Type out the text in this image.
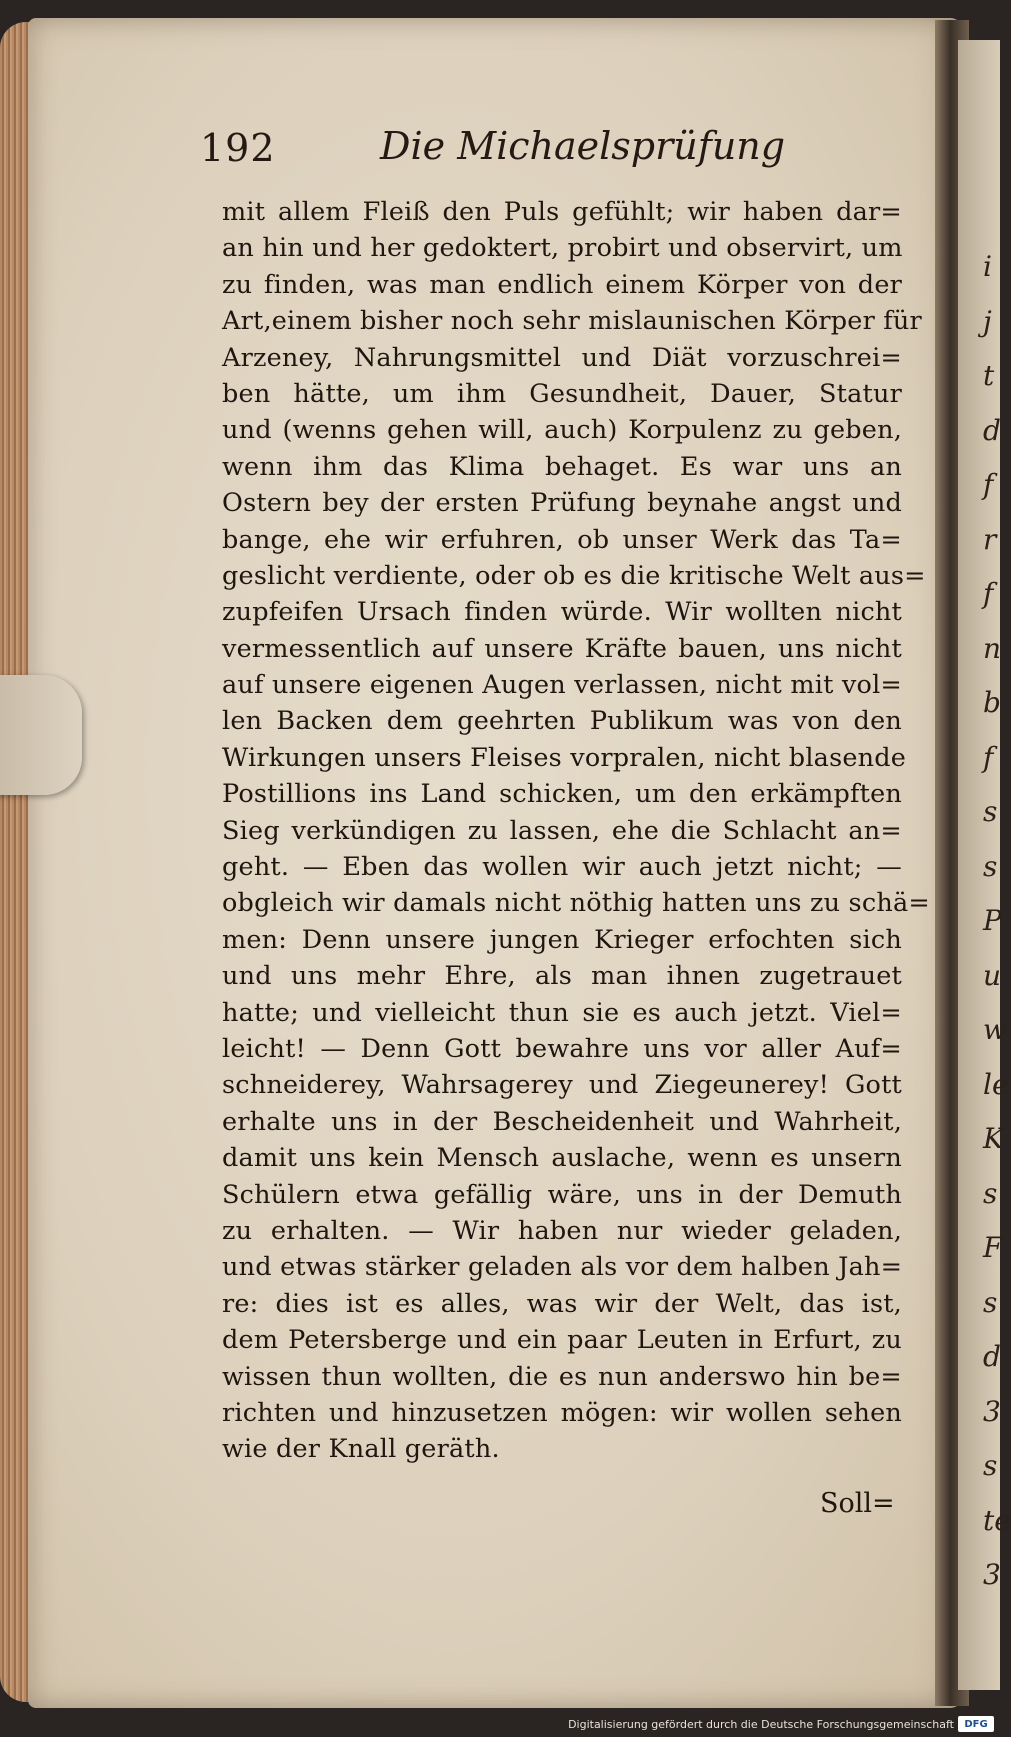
i
j
t
d
f
r
f
n
b
f
s
s
P
u
w
le
K
s
F
s
d
3
s
te
3
192	Die Michaelsprüfung
mit allem Fleiß den Puls gefühlt; wir haben dar=
an hin und her gedoktert, probirt und observirt, um
zu finden, was man endlich einem Körper von der
Art,einem bisher noch sehr mislaunischen Körper für
Arzeney, Nahrungsmittel und Diät vorzuschrei=
ben hätte, um ihm Gesundheit, Dauer, Statur
und (wenns gehen will, auch) Korpulenz zu geben,
wenn ihm das Klima behaget. Es war uns an
Ostern bey der ersten Prüfung beynahe angst und
bange, ehe wir erfuhren, ob unser Werk das Ta=
geslicht verdiente, oder ob es die kritische Welt aus=
zupfeifen Ursach finden würde. Wir wollten nicht
vermessentlich auf unsere Kräfte bauen, uns nicht
auf unsere eigenen Augen verlassen, nicht mit vol=
len Backen dem geehrten Publikum was von den
Wirkungen unsers Fleises vorpralen, nicht blasende
Postillions ins Land schicken, um den erkämpften
Sieg verkündigen zu lassen, ehe die Schlacht an=
geht. — Eben das wollen wir auch jetzt nicht; —
obgleich wir damals nicht nöthig hatten uns zu schä=
men: Denn unsere jungen Krieger erfochten sich
und uns mehr Ehre, als man ihnen zugetrauet
hatte; und vielleicht thun sie es auch jetzt. Viel=
leicht! — Denn Gott bewahre uns vor aller Auf=
schneiderey, Wahrsagerey und Ziegeunerey! Gott
erhalte uns in der Bescheidenheit und Wahrheit,
damit uns kein Mensch auslache, wenn es unsern
Schülern etwa gefällig wäre, uns in der Demuth
zu erhalten. — Wir haben nur wieder geladen,
und etwas stärker geladen als vor dem halben Jah=
re: dies ist es alles, was wir der Welt, das ist,
dem Petersberge und ein paar Leuten in Erfurt, zu
wissen thun wollten, die es nun anderswo hin be=
richten und hinzusetzen mögen: wir wollen sehen
wie der Knall geräth.
Soll=
Digitalisierung gefördert durch die Deutsche Forschungsgemeinschaft DFG
